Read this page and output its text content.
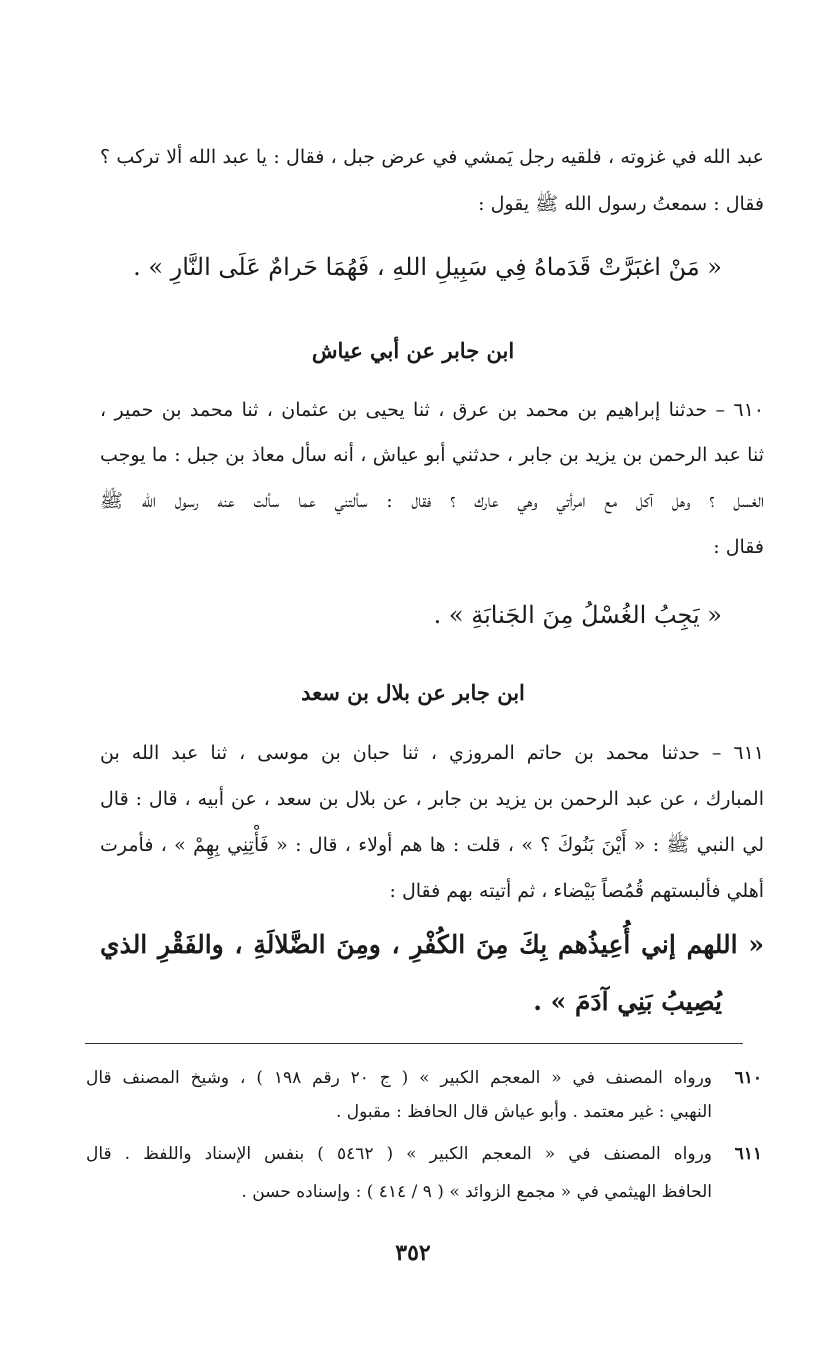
عبد الله في غزوته ، فلقيه رجل يَمشي في عرض جبل ، فقال : يا عبد الله ألا تركب ؟
فقال : سمعتُ رسول الله ﷺ يقول :
« مَنْ اغبَرَّتْ قَدَماهُ فِي سَبِيلِ اللهِ ، فَهُمَا حَرامٌ عَلَى النَّارِ » .
ابن جابر عن أبي عياش
٦١٠ – حدثنا إبراهيم بن محمد بن عرق ، ثنا يحيى بن عثمان ، ثنا محمد بن حمير ،
ثنا عبد الرحمن بن يزيد بن جابر ، حدثني أبو عياش ، أنه سأل معاذ بن جبل : ما يوجب
الغسل ؟ وهل آكل مع امرأتي وهي عارك ؟ فقال : سألتني عما سألت عنه رسول الله ﷺ
فقال :
« يَجِبُ الغُسْلُ مِنَ الجَنابَةِ » .
ابن جابر عن بلال بن سعد
٦١١ – حدثنا محمد بن حاتم المروزي ، ثنا حبان بن موسى ، ثنا عبد الله بن
المبارك ، عن عبد الرحمن بن يزيد بن جابر ، عن بلال بن سعد ، عن أبيه ، قال : قال
لي النبي ﷺ : « أَيْنَ بَنُوكَ ؟ » ، قلت : ها هم أولاء ، قال : « فَأْتِنِي بِهِمْ » ، فأمرت
أهلي فألبستهم قُمُصاً بَيْضاء ، ثم أتيته بهم فقال :
« اللهم إني أُعِيذُهم بِكَ مِنَ الكُفْرِ ، ومِنَ الضَّلالَةِ ، والفَقْرِ الذي
يُصِيبُ بَنِي آدَمَ » .
٦١٠ورواه المصنف في « المعجم الكبير » ( ج ٢٠ رقم ١٩٨ ) ، وشيخ المصنف قال
النهبي : غير معتمد . وأبو عياش قال الحافظ : مقبول .
٦١١ورواه المصنف في « المعجم الكبير » ( ٥٤٦٢ ) بنفس الإسناد واللفظ . قال
الحافظ الهيثمي في « مجمع الزوائد » ( ٩ / ٤١٤ ) : وإسناده حسن .
٣٥٢
